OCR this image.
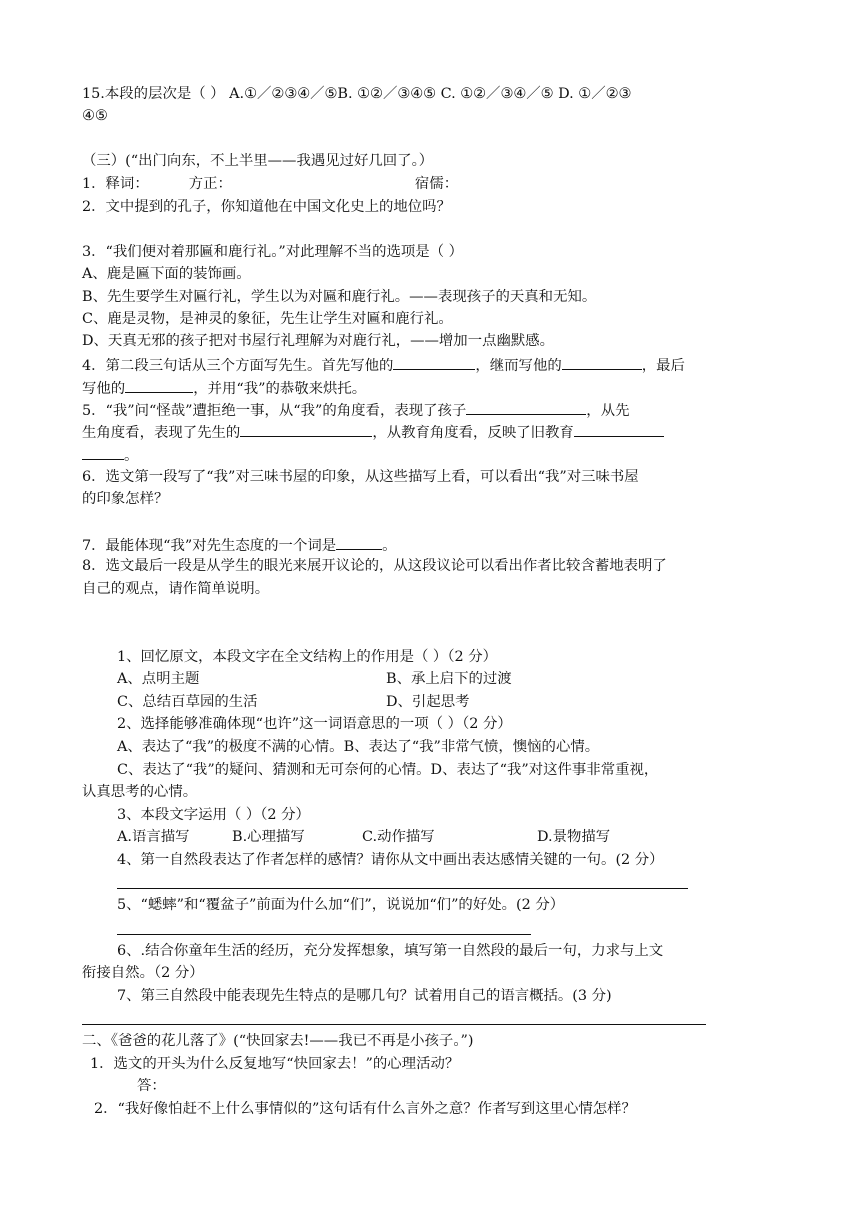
15.本段的层次是（ ） A.①／②③④／⑤B. ①②／③④⑤ C. ①②／③④／⑤ D. ①／②③
④⑤
（三）(“出门向东，不上半里——我遇见过好几回了。）
1．释词：	方正：	宿儒：
2．文中提到的孔子，你知道他在中国文化史上的地位吗？
3．“我们便对着那匾和鹿行礼。”对此理解不当的选项是（ ）
A、鹿是匾下面的装饰画。
B、先生要学生对匾行礼，学生以为对匾和鹿行礼。——表现孩子的天真和无知。
C、鹿是灵物，是神灵的象征，先生让学生对匾和鹿行礼。
D、天真无邪的孩子把对书屋行礼理解为对鹿行礼，——增加一点幽默感。
4．第二段三句话从三个方面写先生。首先写他的	，继而写他的	，最后
写他的	，并用“我”的恭敬来烘托。
5．“我”问“怪哉”遭拒绝一事，从“我”的角度看，表现了孩子	，从先
生角度看，表现了先生的	，从教育角度看，反映了旧教育
。
6．选文第一段写了“我”对三味书屋的印象，从这些描写上看，可以看出“我”对三味书屋
的印象怎样？
7．最能体现“我”对先生态度的一个词是	。
8．选文最后一段是从学生的眼光来展开议论的，从这段议论可以看出作者比较含蓄地表明了
自己的观点，请作简单说明。
1、回忆原文，本段文字在全文结构上的作用是（ ）（2 分）
A、点明主题	B、承上启下的过渡
C、总结百草园的生活	D、引起思考
2、选择能够准确体现“也许”这一词语意思的一项（ ）（2 分）
A、表达了“我”的极度不满的心情。B、表达了“我”非常气愤，懊恼的心情。
C、表达了“我”的疑问、猜测和无可奈何的心情。D、表达了“我”对这件事非常重视，
认真思考的心情。
3、本段文字运用（ ）（2 分）
A.语言描写	B.心理描写	C.动作描写	D.景物描写
4、第一自然段表达了作者怎样的感情？请你从文中画出表达感情关键的一句。(2 分）
5、“蟋蟀”和“覆盆子”前面为什么加“们”，说说加“们”的好处。(2 分）
6、.结合你童年生活的经历，充分发挥想象，填写第一自然段的最后一句，力求与上文
衔接自然。（2 分）
7、第三自然段中能表现先生特点的是哪几句？试着用自己的语言概括。(3 分)
二、《爸爸的花儿落了》(“快回家去!——我已不再是小孩子。”)
1．选文的开头为什么反复地写“快回家去！”的心理活动？
答：
2．“我好像怕赶不上什么事情似的”这句话有什么言外之意？作者写到这里心情怎样？
